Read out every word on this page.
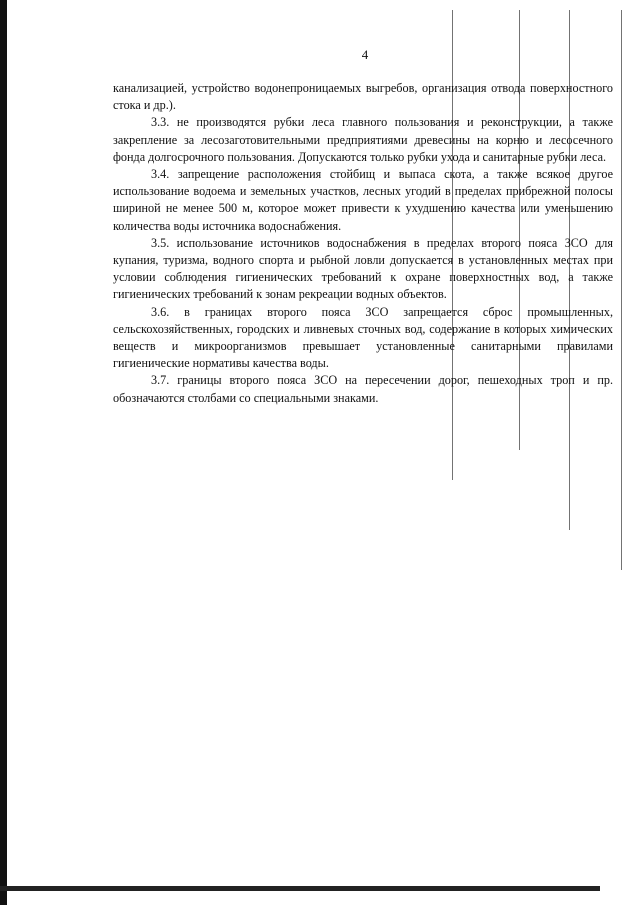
4

канализацией, устройство водонепроницаемых выгребов, организация отвода поверхностного стока и др.).

3.3. не производятся рубки леса главного пользования и реконструкции, а также закрепление за лесозаготовительными предприятиями древесины на корню и лесосечного фонда долгосрочного пользования. Допускаются только рубки ухода и санитарные рубки леса.

3.4. запрещение расположения стойбищ и выпаса скота, а также всякое другое использование водоема и земельных участков, лесных угодий в пределах прибрежной полосы шириной не менее 500 м, которое может привести к ухудшению качества или уменьшению количества воды источника водоснабжения.

3.5. использование источников водоснабжения в пределах второго пояса ЗСО для купания, туризма, водного спорта и рыбной ловли допускается в установленных местах при условии соблюдения гигиенических требований к охране поверхностных вод, а также гигиенических требований к зонам рекреации водных объектов.

3.6. в границах второго пояса ЗСО запрещается сброс промышленных, сельскохозяйственных, городских и ливневых сточных вод, содержание в которых химических веществ и микроорганизмов превышает установленные санитарными правилами гигиенические нормативы качества воды.

3.7. границы второго пояса ЗСО на пересечении дорог, пешеходных троп и пр. обозначаются столбами со специальными знаками.
